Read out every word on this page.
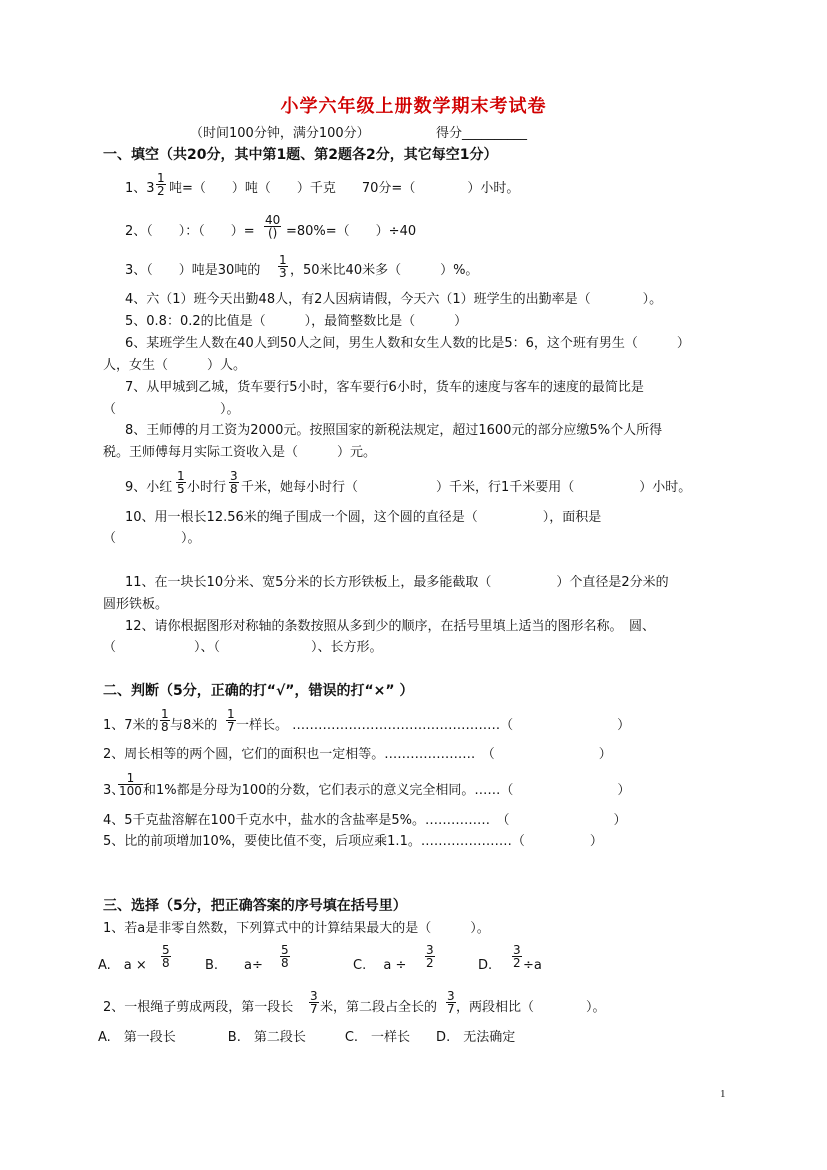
小学六年级上册数学期末考试卷
（时间100分钟，满分100分）	得分__________
一、填空（共20分，其中第1题、第2题各2分，其它每空1分）
1、$3 \frac{1}{2}$ 吨=（　　）吨（　　）千克　　70分=（　　　　）小时。
2、（　　）：（　　）=
40
() =80%=（　　）÷40
3、（　　）吨是30吨的 $\frac{1}{3}$ ，50米比40米多（　　　）%。
4、六（1）班今天出勤48人，有2人因病请假，今天六（1）班学生的出勤率是（　　　　）。
5、0.8：0.2的比值是（　　　），最简整数比是（　　　）
6、某班学生人数在40人到50人之间，男生人数和女生人数的比是5：6，这个班有男生（　　　）
人，女生（　　　）人。
7、从甲城到乙城，货车要行5小时，客车要行6小时，货车的速度与客车的速度的最简比是
（　　　　　　　　）。
8、王师傅的月工资为2000元。按照国家的新税法规定，超过1600元的部分应缴5%个人所得
税。王师傅每月实际工资收入是（　　　）元。
9、小红 $\frac{1}{5}$ 小时行 $\frac{3}{8}$ 千米，她每小时行（　　　　　　）千米，行1千米要用（　　　　　）小时。
10、用一根长12.56米的绳子围成一个圆，这个圆的直径是（　　　　　），面积是
（　　　　　）。
11、在一块长10分米、宽5分米的长方形铁板上，最多能截取（　　　　　）个直径是2分米的
圆形铁板。
12、请你根据图形对称轴的条数按照从多到少的顺序，在括号里填上适当的图形名称。　圆、
（　　　　　　）、（　　　　　　　）、长方形。
二、判断（5分，正确的打“√”，错误的打“×” ）
1、7米的 $\frac{1}{8}$ 与8米的 $\frac{1}{7}$ 一样长。 …………………………………………（　　　　　　　　）
2、周长相等的两个圆，它们的面积也一定相等。…………………　（　　　　　　　　）
3、
$\frac{1}{100}$ 和1%都是分母为100的分数，它们表示的意义完全相同。……（　　　　　　　　）
4、5千克盐溶解在100千克水中，盐水的含盐率是5%。……………　（　　　　　　　　）
5、比的前项增加10%，要使比值不变，后项应乘1.1。…………………（　　　　　）
三、选择（5分，把正确答案的序号填在括号里）
1、若a是非零自然数，下列算式中的计算结果最大的是（　　　）。
A.　$a \times \frac{5}{8}$	B.　　$a\div \frac{5}{8}$	C.　 $a \div \frac{3}{2}$	D. $\frac{3}{2} \div a$
2、一根绳子剪成两段，第一段长 $\frac{3}{7}$ 米，第二段占全长的 $\frac{3}{7}$ ，两段相比（　　　　）。
A.　第一段长　　　　B.　第二段长　　　C.　一样长　　D.　无法确定
1
